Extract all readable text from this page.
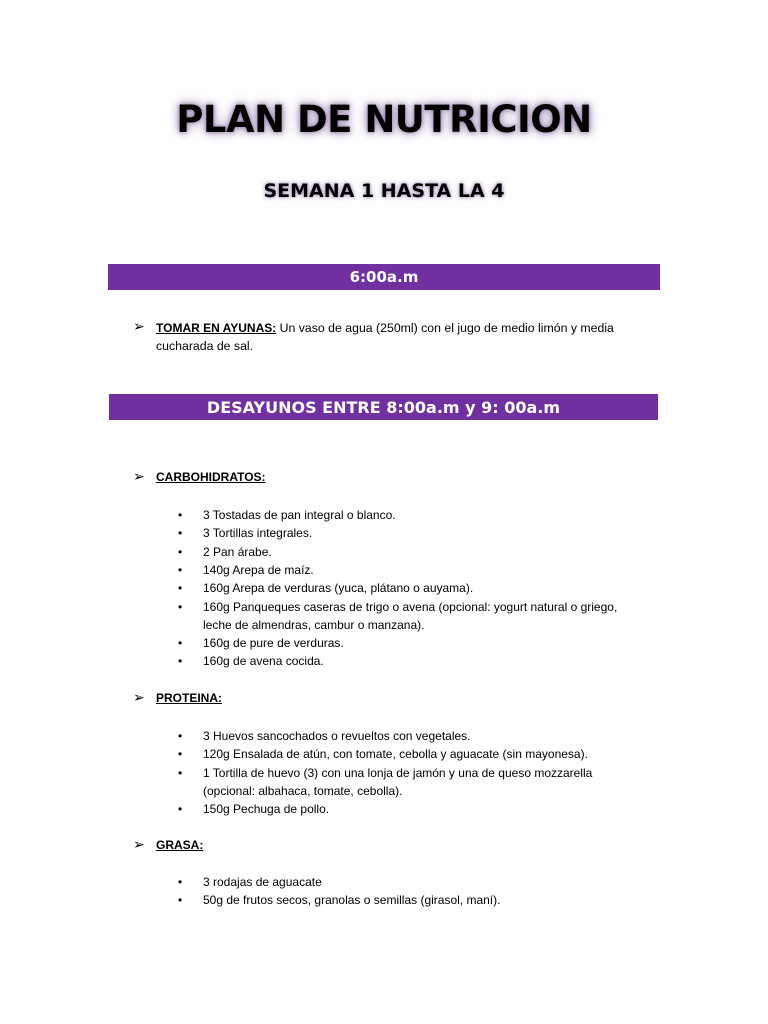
PLAN DE NUTRICION
SEMANA 1 HASTA LA 4
6:00a.m
➢ TOMAR EN AYUNAS: Un vaso de agua (250ml) con el jugo de medio limón y media
cucharada de sal.
DESAYUNOS ENTRE 8:00a.m y 9: 00a.m
➢ CARBOHIDRATOS:
•	3 Tostadas de pan integral o blanco.
•	3 Tortillas integrales.
•	2 Pan árabe.
•	140g Arepa de maíz.
•	160g Arepa de verduras (yuca, plátano o auyama).
•	160g Panqueques caseras de trigo o avena (opcional: yogurt natural o griego,
leche de almendras, cambur o manzana).
•	160g de pure de verduras.
•	160g de avena cocida.
➢ PROTEINA:
•	3 Huevos sancochados o revueltos con vegetales.
•	120g Ensalada de atún, con tomate, cebolla y aguacate (sin mayonesa).
•	1 Tortilla de huevo (3) con una lonja de jamón y una de queso mozzarella
(opcional: albahaca, tomate, cebolla).
•	150g Pechuga de pollo.
➢ GRASA:
•	3 rodajas de aguacate
•	50g de frutos secos, granolas o semillas (girasol, maní).
